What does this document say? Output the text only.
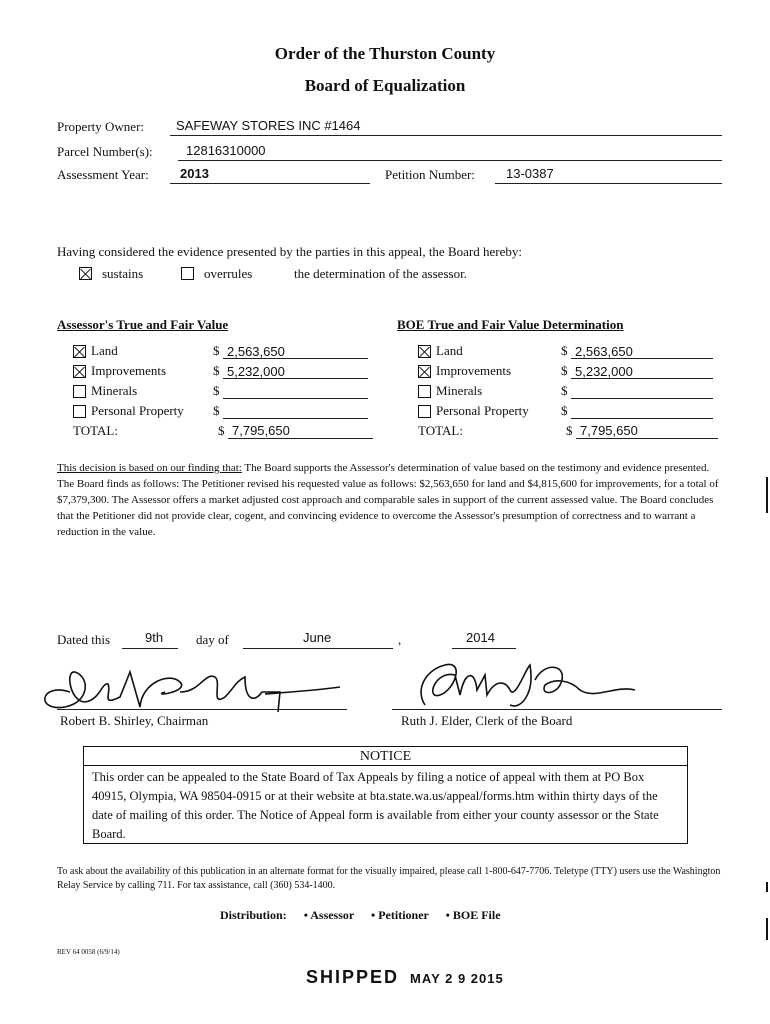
Order of the Thurston County
Board of Equalization
Property Owner: SAFEWAY STORES INC #1464
Parcel Number(s):	12816310000
Assessment Year: 2013	Petition Number: 13-0387
Having considered the evidence presented by the parties in this appeal, the Board hereby:
sustains	overrules	the determination of the assessor.
Assessor's True and Fair Value
Land	$ 2,563,650
Improvements	$ 5,232,000
Minerals	$
Personal Property	$
TOTAL:	$ 7,795,650
BOE True and Fair Value Determination
Land	$ 2,563,650
Improvements	$ 5,232,000
Minerals	$
Personal Property	$
TOTAL:	$ 7,795,650
This decision is based on our finding that: The Board supports the Assessor's determination of value based on the testimony and evidence presented. The Board finds as follows: The Petitioner revised his requested value as follows: $2,563,650 for land and $4,815,600 for improvements, for a total of $7,379,300. The Assessor offers a market adjusted cost approach and comparable sales in support of the current assessed value. The Board concludes that the Petitioner did not provide clear, cogent, and convincing evidence to overcome the Assessor's presumption of correctness and to warrant a reduction in the value.
Dated this	9th	day of	June	,	2014
Robert B. Shirley, Chairman	Ruth J. Elder, Clerk of the Board
NOTICE
This order can be appealed to the State Board of Tax Appeals by filing a notice of appeal with them at PO Box 40915, Olympia, WA 98504-0915 or at their website at bta.state.wa.us/appeal/forms.htm within thirty days of the date of mailing of this order. The Notice of Appeal form is available from either your county assessor or the State Board.
To ask about the availability of this publication in an alternate format for the visually impaired, please call 1-800-647-7706. Teletype (TTY) users use the Washington Relay Service by calling 711. For tax assistance, call (360) 534-1400.
Distribution: • Assessor • Petitioner • BOE File
REV 64 0058 (6/9/14)
SHIPPED MAY 2 9 2015
